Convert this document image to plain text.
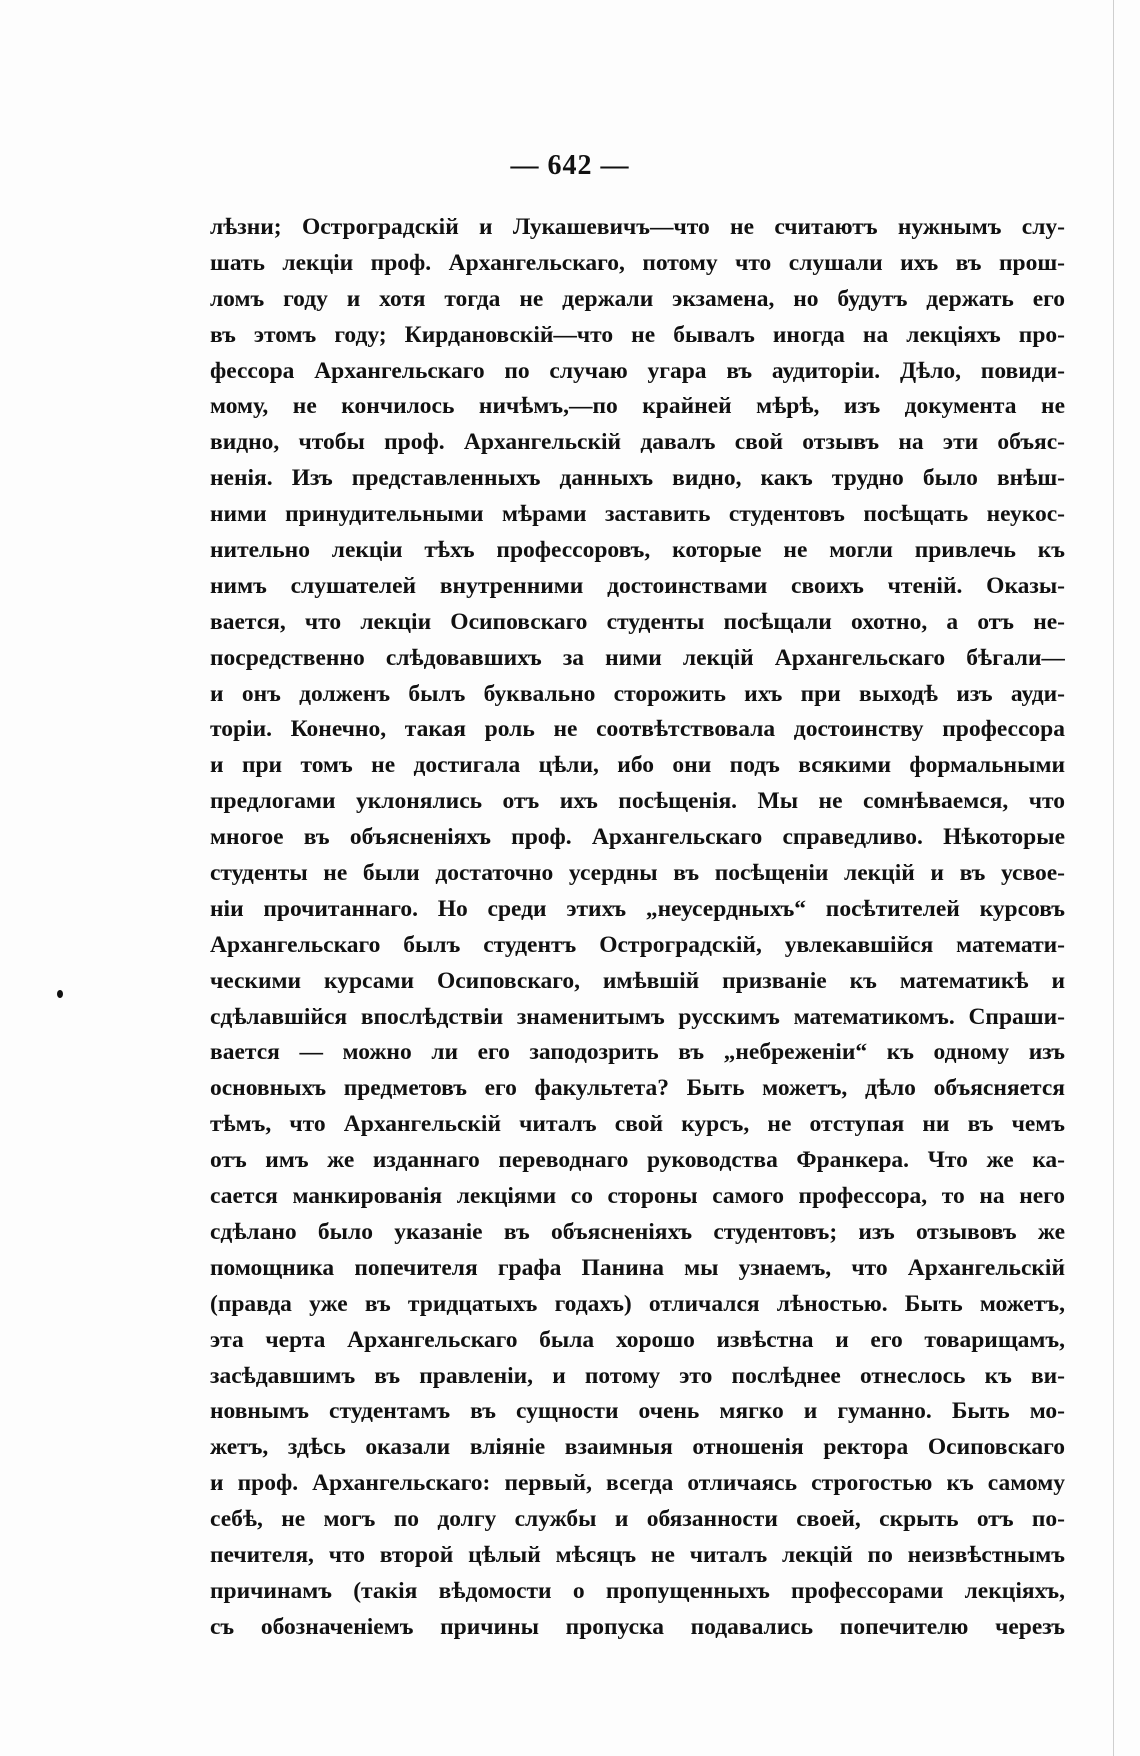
— 642 —
лѣзни; Остроградскій и Лукашевичъ—что не считаютъ нужнымъ слу-
шать лекціи проф. Архангельскаго, потому что слушали ихъ въ прош-
ломъ году и хотя тогда не держали экзамена, но будутъ держать его
въ этомъ году; Кирдановскій—что не бывалъ иногда на лекціяхъ про-
фессора Архангельскаго по случаю угара въ аудиторіи. Дѣло, повиди-
мому, не кончилось ничѣмъ,—по крайней мѣрѣ, изъ документа не
видно, чтобы проф. Архангельскій давалъ свой отзывъ на эти объяс-
ненія. Изъ представленныхъ данныхъ видно, какъ трудно было внѣш-
ними принудительными мѣрами заставить студентовъ посѣщать неукос-
нительно лекціи тѣхъ профессоровъ, которые не могли привлечь къ
нимъ слушателей внутренними достоинствами своихъ чтеній. Оказы-
вается, что лекціи Осиповскаго студенты посѣщали охотно, а отъ не-
посредственно слѣдовавшихъ за ними лекцій Архангельскаго бѣгали—
и онъ долженъ былъ буквально сторожить ихъ при выходѣ изъ ауди-
торіи. Конечно, такая роль не соотвѣтствовала достоинству профессора
и при томъ не достигала цѣли, ибо они подъ всякими формальными
предлогами уклонялись отъ ихъ посѣщенія. Мы не сомнѣваемся, что
многое въ объясненіяхъ проф. Архангельскаго справедливо. Нѣкоторые
студенты не были достаточно усердны въ посѣщеніи лекцій и въ усвое-
ніи прочитаннаго. Но среди этихъ „неусердныхъ“ посѣтителей курсовъ
Архангельскаго былъ студентъ Остроградскій, увлекавшійся математи-
ческими курсами Осиповскаго, имѣвшій призваніе къ математикѣ и
сдѣлавшійся впослѣдствіи знаменитымъ русскимъ математикомъ. Спраши-
вается — можно ли его заподозрить въ „небреженіи“ къ одному изъ
основныхъ предметовъ его факультета? Быть можетъ, дѣло объясняется
тѣмъ, что Архангельскій читалъ свой курсъ, не отступая ни въ чемъ
отъ имъ же изданнаго переводнаго руководства Франкера. Что же ка-
сается манкированія лекціями со стороны самого профессора, то на него
сдѣлано было указаніе въ объясненіяхъ студентовъ; изъ отзывовъ же
помощника попечителя графа Панина мы узнаемъ, что Архангельскій
(правда уже въ тридцатыхъ годахъ) отличался лѣностью. Быть можетъ,
эта черта Архангельскаго была хорошо извѣстна и его товарищамъ,
засѣдавшимъ въ правленіи, и потому это послѣднее отнеслось къ ви-
новнымъ студентамъ въ сущности очень мягко и гуманно. Быть мо-
жетъ, здѣсь оказали вліяніе взаимныя отношенія ректора Осиповскаго
и проф. Архангельскаго: первый, всегда отличаясь строгостью къ самому
себѣ, не могъ по долгу службы и обязанности своей, скрыть отъ по-
печителя, что второй цѣлый мѣсяцъ не читалъ лекцій по неизвѣстнымъ
причинамъ (такія вѣдомости о пропущенныхъ профессорами лекціяхъ,
съ обозначеніемъ причины пропуска подавались попечителю черезъ
